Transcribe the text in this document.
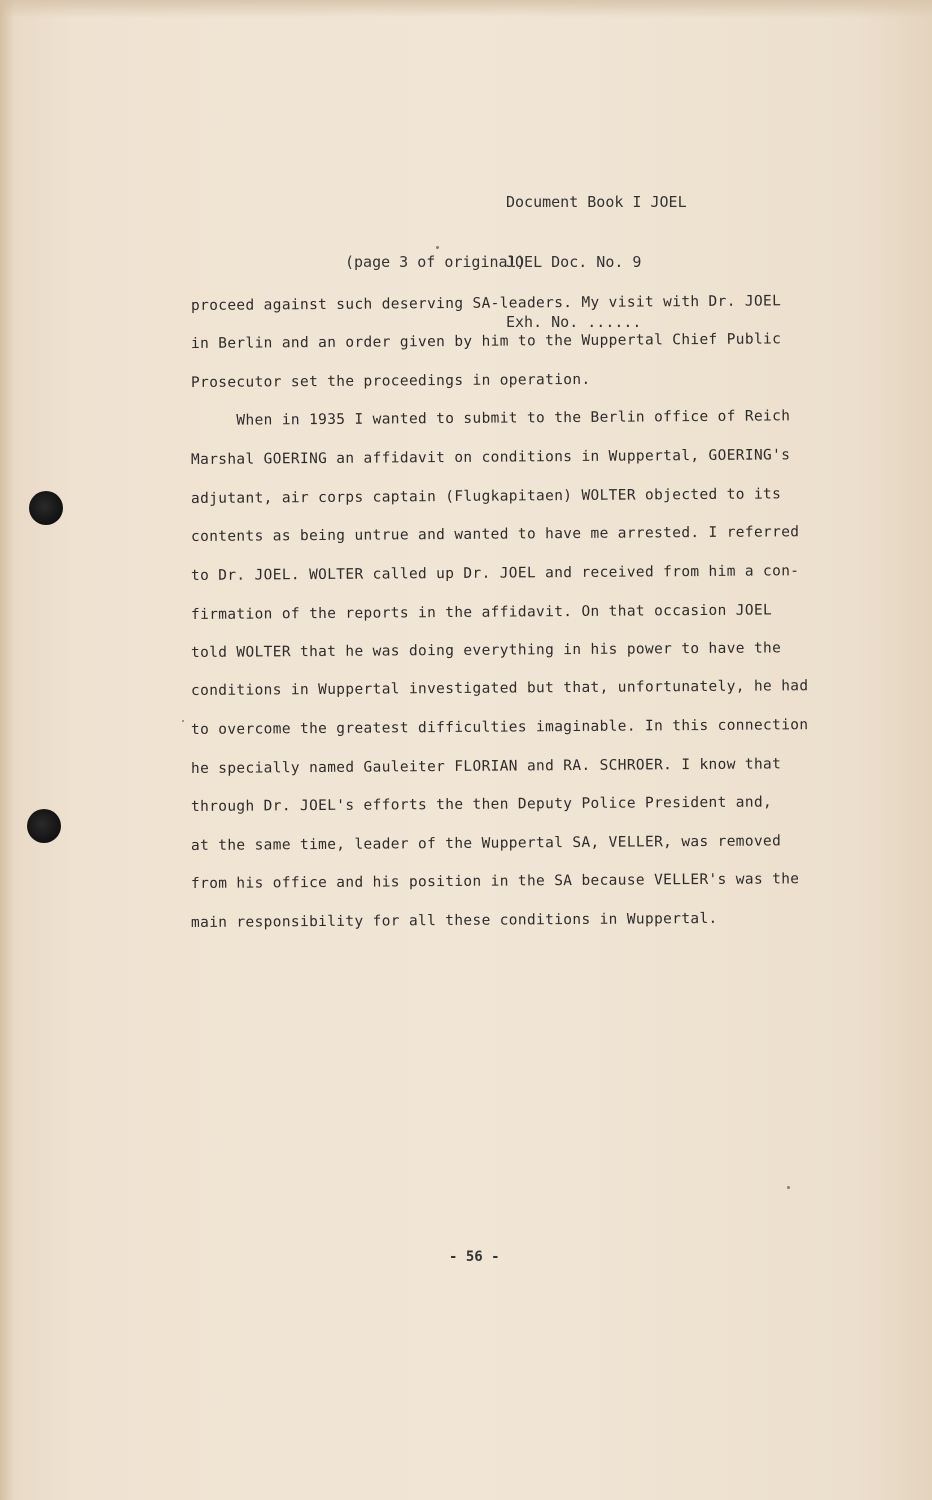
Document Book I JOEL

JOEL Doc. No. 9

Exh. No. ......

(page 3 of original)
proceed against such deserving SA-leaders. My visit with Dr. JOEL
in Berlin and an order given by him to the Wuppertal Chief Public
Prosecutor set the proceedings in operation.
When in 1935 I wanted to submit to the Berlin office of Reich
Marshal GOERING an affidavit on conditions in Wuppertal, GOERING's
adjutant, air corps captain (Flugkapitaen) WOLTER objected to its
contents as being untrue and wanted to have me arrested. I referred
to Dr. JOEL. WOLTER called up Dr. JOEL and received from him a con-
firmation of the reports in the affidavit. On that occasion JOEL
told WOLTER that he was doing everything in his power to have the
conditions in Wuppertal investigated but that, unfortunately, he had
to overcome the greatest difficulties imaginable. In this connection
he specially named Gauleiter FLORIAN and RA. SCHROER. I know that
through Dr. JOEL's efforts the then Deputy Police President and,
at the same time, leader of the Wuppertal SA, VELLER, was removed
from his office and his position in the SA because VELLER's was the
main responsibility for all these conditions in Wuppertal.
- 56 -
